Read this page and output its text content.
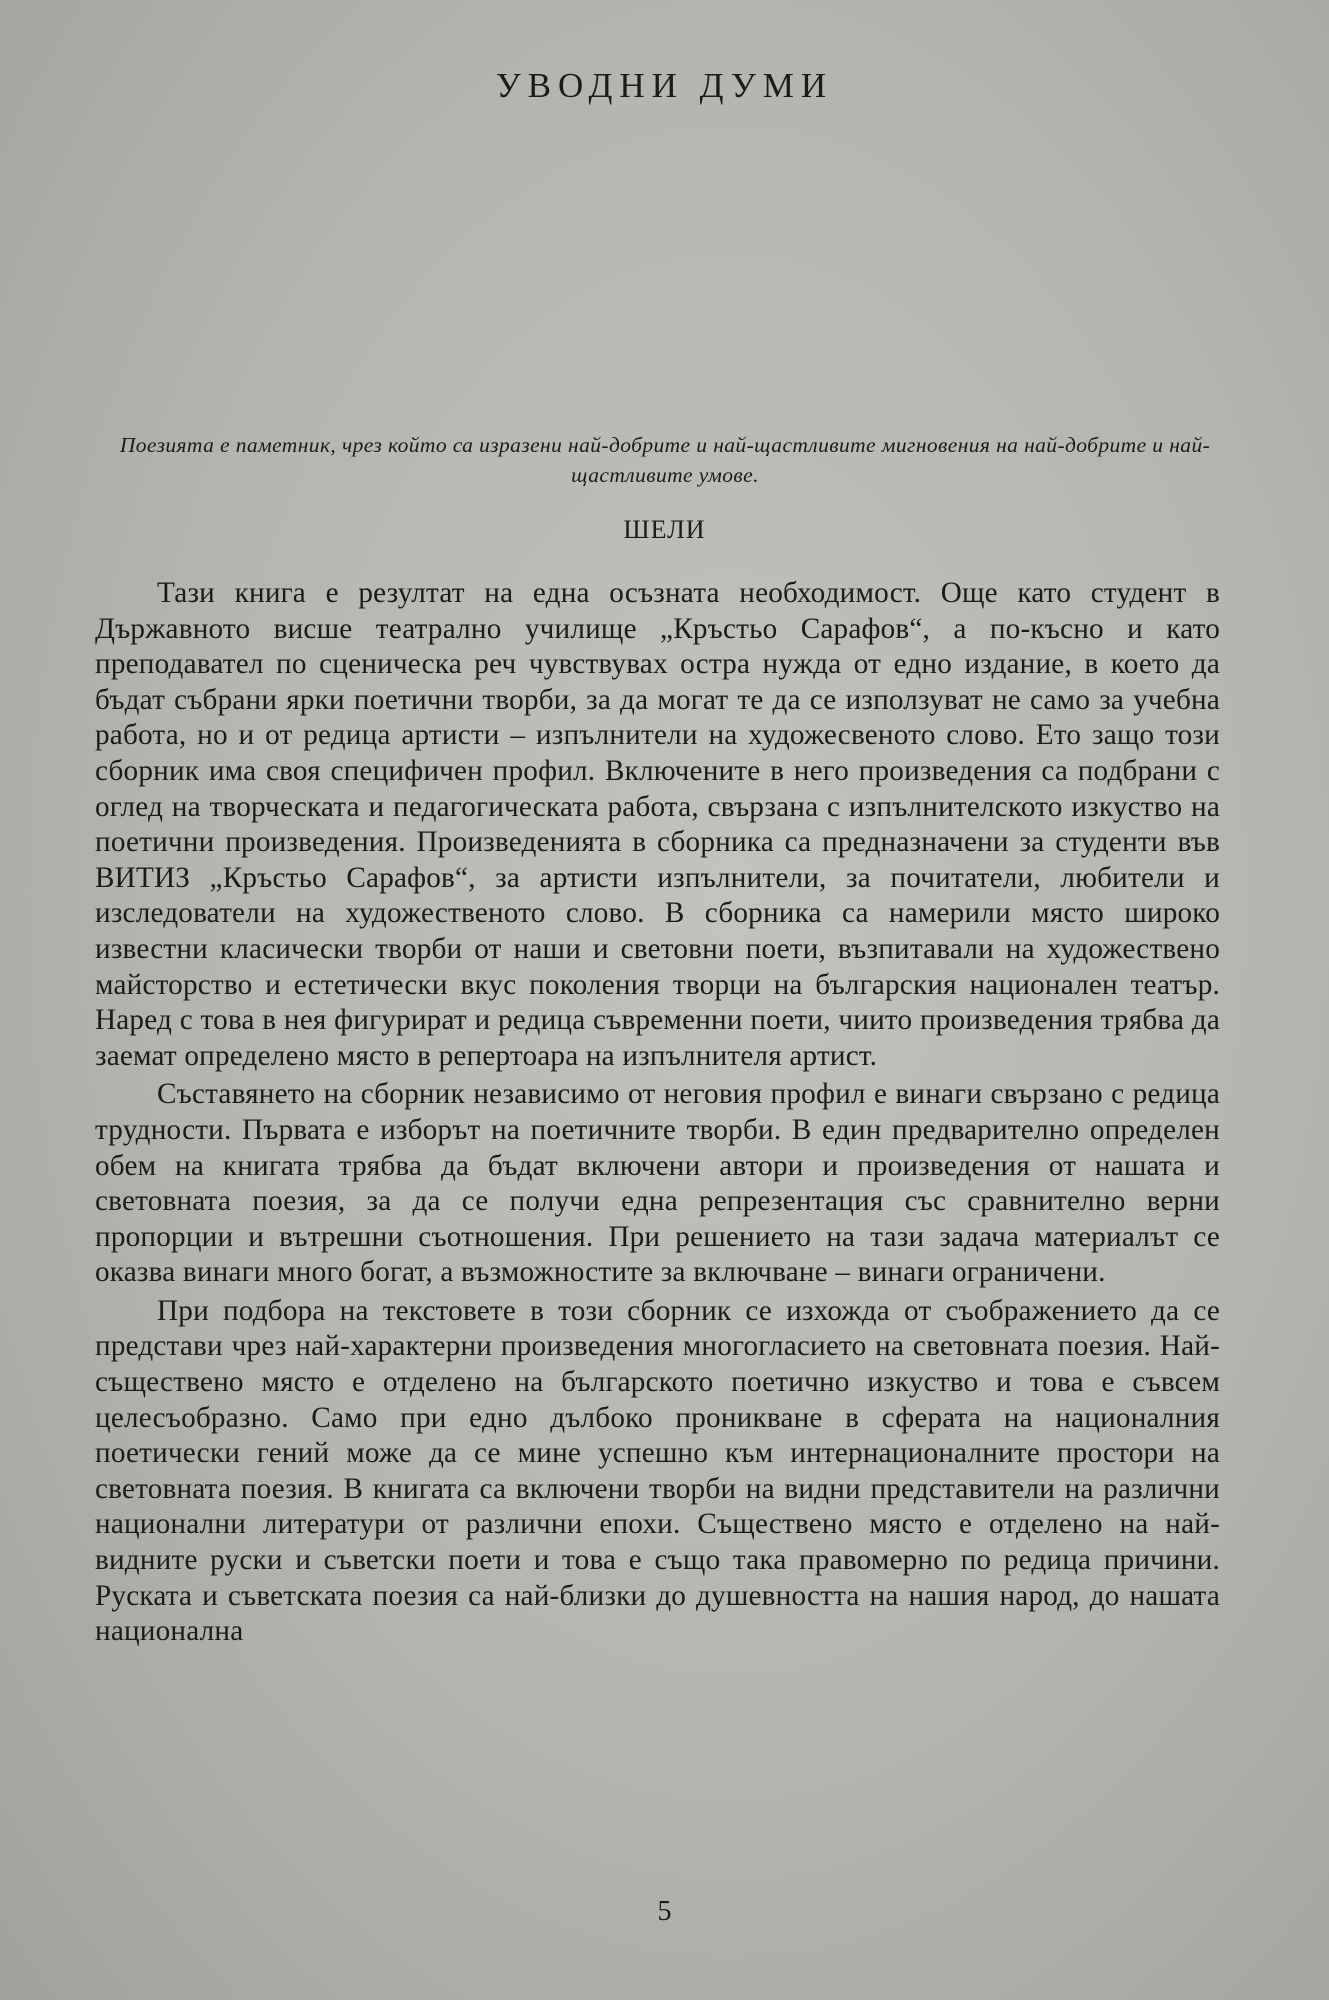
УВОДНИ ДУМИ

Поезията е паметник, чрез който са изразени най-добрите и най-щастливите мигновения на най-добрите и най-щастливите умове.

ШЕЛИ

Тази книга е резултат на една осъзната необходимост. Още като студент в Държавното висше театрално училище „Кръстьо Сарафов“, а по-късно и като преподавател по сценическа реч чувствувах остра нужда от едно издание, в което да бъдат събрани ярки поетични творби, за да могат те да се използуват не само за учебна работа, но и от редица артисти – изпълнители на художесвеното слово. Ето защо този сборник има своя специфичен профил. Включените в него произведения са подбрани с оглед на творческата и педагогическата работа, свързана с изпълнителското изкуство на поетични произведения. Произведенията в сборника са предназначени за студенти във ВИТИЗ „Кръстьо Сарафов“, за артисти изпълнители, за почитатели, любители и изследователи на художественото слово. В сборника са намерили място широко известни класически творби от наши и световни поети, възпитавали на художествено майсторство и естетически вкус поколения творци на българския национален театър. Наред с това в нея фигурират и редица съвременни поети, чиито произведения трябва да заемат определено място в репертоара на изпълнителя артист.

Съставянето на сборник независимо от неговия профил е винаги свързано с редица трудности. Първата е изборът на поетичните творби. В един предварително определен обем на книгата трябва да бъдат включени автори и произведения от нашата и световната поезия, за да се получи една репрезентация със сравнително верни пропорции и вътрешни съотношения. При решението на тази задача материалът се оказва винаги много богат, а възможностите за включване – винаги ограничени.

При подбора на текстовете в този сборник се изхожда от съображението да се представи чрез най-характерни произведения многогласието на световната поезия. Най-съществено място е отделено на българското поетично изкуство и това е съвсем целесъобразно. Само при едно дълбоко проникване в сферата на националния поетически гений може да се мине успешно към интернационалните простори на световната поезия. В книгата са включени творби на видни представители на различни национални литератури от различни епохи. Съществено място е отделено на най-видните руски и съветски поети и това е също така правомерно по редица причини. Руската и съветската поезия са най-близки до душевността на нашия народ, до нашата национална

5
